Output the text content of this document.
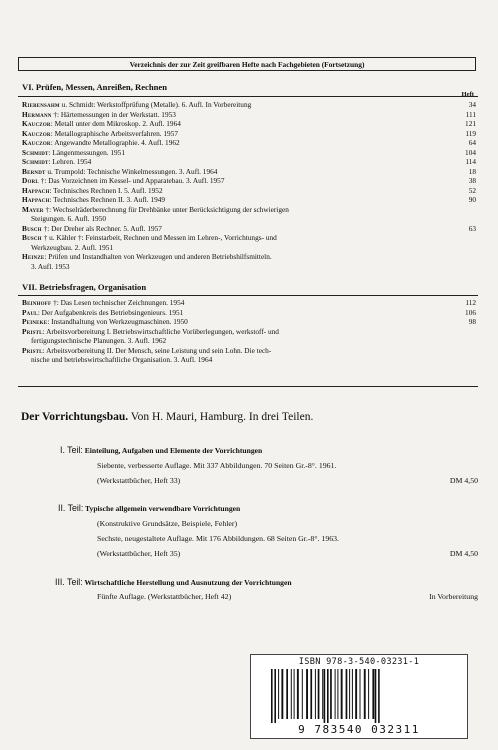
Verzeichnis der zur Zeit greifbaren Hefte nach Fachgebieten (Fortsetzung)
VI. Prüfen, Messen, Anreißen, Rechnen
Heft
Riebensahm u. Schmidt: Werkstoffprüfung (Metalle). 6. Aufl. In Vorbereitung	34
Hermann †: Härtemessungen in der Werkstatt. 1953	111
Kauczor: Metall unter dem Mikroskop. 2. Aufl. 1964	121
Kauczor: Metallographische Arbeitsverfahren. 1957	119
Kauczor: Angewandte Metallographie. 4. Aufl. 1962	64
Schmidt: Längenmessungen. 1951	104
Schmidt: Lehren. 1954	114
Berndt u. Trumpold: Technische Winkelmessungen. 3. Aufl. 1964	18
Dorl †: Das Vorzeichnen im Kessel- und Apparatebau. 3. Aufl. 1957	38
Happach: Technisches Rechnen I. 5. Aufl. 1952	52
Happach: Technisches Rechnen II. 3. Aufl. 1949	90
Mayer †: Wechselräderberechnung für Drehbänke unter Berücksichtigung der schwierigen
Steigungen. 6. Aufl. 1950
Busch †: Der Dreher als Rechner. 5. Aufl. 1957	63
Busch † u. Kähler †: Feinstarbeit, Rechnen und Messen im Lehren-, Vorrichtungs- und
Werkzeugbau. 2. Aufl. 1951
Heinze: Prüfen und Instandhalten von Werkzeugen und anderen Betriebshilfsmitteln.
3. Aufl. 1953
VII. Betriebsfragen, Organisation
Beinhoff †: Das Lesen technischer Zeichnungen. 1954	112
Paul: Der Aufgabenkreis des Betriebsingenieurs. 1951	106
Peineke: Instandhaltung von Werkzeugmaschinen. 1950	98
Pristl: Arbeitsvorbereitung I. Betriebswirtschaftliche Vorüberlegungen, werkstoff- und
fertigungstechnische Planungen. 3. Aufl. 1962
Pristl: Arbeitsvorbereitung II. Der Mensch, seine Leistung und sein Lohn. Die tech-
nische und betriebswirtschaftliche Organisation. 3. Aufl. 1964
Der Vorrichtungsbau. Von H. Mauri, Hamburg. In drei Teilen.
I. Teil: Einteilung, Aufgaben und Elemente der Vorrichtungen
Siebente, verbesserte Auflage. Mit 337 Abbildungen. 70 Seiten Gr.-8°. 1961.
(Werkstattbücher, Heft 33)	DM 4,50
II. Teil: Typische allgemein verwendbare Vorrichtungen
(Konstruktive Grundsätze, Beispiele, Fehler)
Sechste, neugestaltete Auflage. Mit 176 Abbildungen. 68 Seiten Gr.-8°. 1963.
(Werkstattbücher, Heft 35)	DM 4,50
III. Teil: Wirtschaftliche Herstellung und Ausnutzung der Vorrichtungen
Fünfte Auflage. (Werkstattbücher, Heft 42)	In Vorbereitung
ISBN 978-3-540-03231-1
9 783540 032311
